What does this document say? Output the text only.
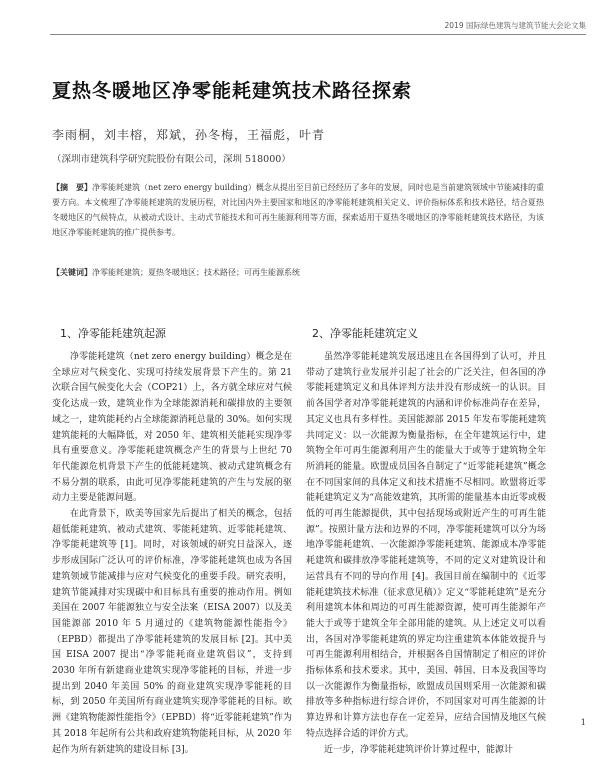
2019 国际绿色建筑与建筑节能大会论文集
夏热冬暖地区净零能耗建筑技术路径探索
李雨桐，刘丰榕，郑斌，孙冬梅，王福彪，叶青
（深圳市建筑科学研究院股份有限公司，深圳 518000）
【摘　要】净零能耗建筑（net zero energy building）概念从提出至目前已经经历了多年的发展，同时也是当前建筑领域中节能减排的重要方向。本文梳理了净零能耗建筑的发展历程，对比国内外主要国家和地区的净零能耗建筑相关定义、评价指标体系和技术路径，结合夏热冬暖地区的气候特点，从被动式设计、主动式节能技术和可再生能源利用等方面，探索适用于夏热冬暖地区的净零能耗建筑技术路径，为该地区净零能耗建筑的推广提供参考。
【关键词】净零能耗建筑；夏热冬暖地区；技术路径；可再生能源系统
1、净零能耗建筑起源	2、净零能耗建筑定义

净零能耗建筑（net zero energy building）概念是在全球应对气候变化、实现可持续发展背景下产生的。第 21 次联合国气候变化大会（COP21）上，各方就全球应对气候变化达成一致，建筑业作为全球能源消耗和碳排放的主要领域之一，建筑能耗约占全球能源消耗总量的 30%。如何实现建筑能耗的大幅降低，对 2050 年、建筑相关能耗实现净零具有重要意义。净零能耗建筑概念产生的背景与上世纪 70 年代能源危机背景下产生的低能耗建筑、被动式建筑概念有不易分割的联系，由此可见净零能耗建筑的产生与发展的驱动力主要是能源问题。

在此背景下，欧美等国家先后提出了相关的概念，包括超低能耗建筑、被动式建筑、零能耗建筑、近零能耗建筑、净零能耗建筑等 [1]。同时，对该领域的研究日益深入，逐步形成国际广泛认可的评价标准，净零能耗建筑也成为各国建筑领域节能减排与应对气候变化的重要手段。研究表明，建筑节能减排对实现碳中和目标具有重要的推动作用。例如美国在 2007 年能源独立与安全法案（EISA 2007）以及美国能源部 2010 年 5 月通过的《建筑物能源性能指令》（EPBD）都提出了净零能耗建筑的发展目标 [2]。其中美国 EISA 2007 提出“净零能耗商业建筑倡议”，支持到 2030 年所有新建商业建筑实现净零能耗的目标，并进一步提出到 2040 年美国 50% 的商业建筑实现净零能耗的目标，到 2050 年美国所有商业建筑实现净零能耗的目标。欧洲《建筑物能源性能指令》（EPBD）将“近零能耗建筑”作为其 2018 年起所有公共和政府建筑物能耗目标，从 2020 年起作为所有新建筑的建设目标 [3]。

虽然净零能耗建筑发展迅速且在各国得到了认可，并且带动了建筑行业发展并引起了社会的广泛关注，但各国的净零能耗建筑定义和具体评判方法并没有形成统一的认识。目前各国学者对净零能耗建筑的内涵和评价标准尚存在差异，其定义也具有多样性。美国能源部 2015 年发布零能耗建筑共同定义：以一次能源为衡量指标，在全年建筑运行中，建筑物全年可再生能源利用产生的能量大于或等于建筑物全年所消耗的能量。欧盟成员国各自制定了“近零能耗建筑”概念在不同国家间的具体定义和技术措施不尽相同。欧盟将近零能耗建筑定义为“高能效建筑，其所需的能量基本由近零或极低的可再生能源提供，其中包括现场或附近产生的可再生能源”。按照计量方法和边界的不同，净零能耗建筑可以分为场地净零能耗建筑、一次能源净零能耗建筑、能源成本净零能耗建筑和碳排放净零能耗建筑等，不同的定义对建筑设计和运营具有不同的导向作用 [4]。我国目前在编制中的《近零能耗建筑技术标准（征求意见稿）》定义“零能耗建筑”是充分利用建筑本体和周边的可再生能源资源，使可再生能源年产能大于或等于建筑全年全部用能的建筑。从上述定义可以看出，各国对净零能耗建筑的界定均注重建筑本体能效提升与可再生能源利用相结合，并根据各自国情制定了相应的评价指标体系和技术要求。其中，美国、韩国、日本及我国等均以一次能源作为衡量指标，欧盟成员国则采用一次能源和碳排放等多种指标进行综合评价，不同国家对可再生能源的计算边界和计算方法也存在一定差异，应结合国情及地区气候特点选择合适的评价方式。

近一步，净零能耗建筑评价计算过程中，能源计

1
